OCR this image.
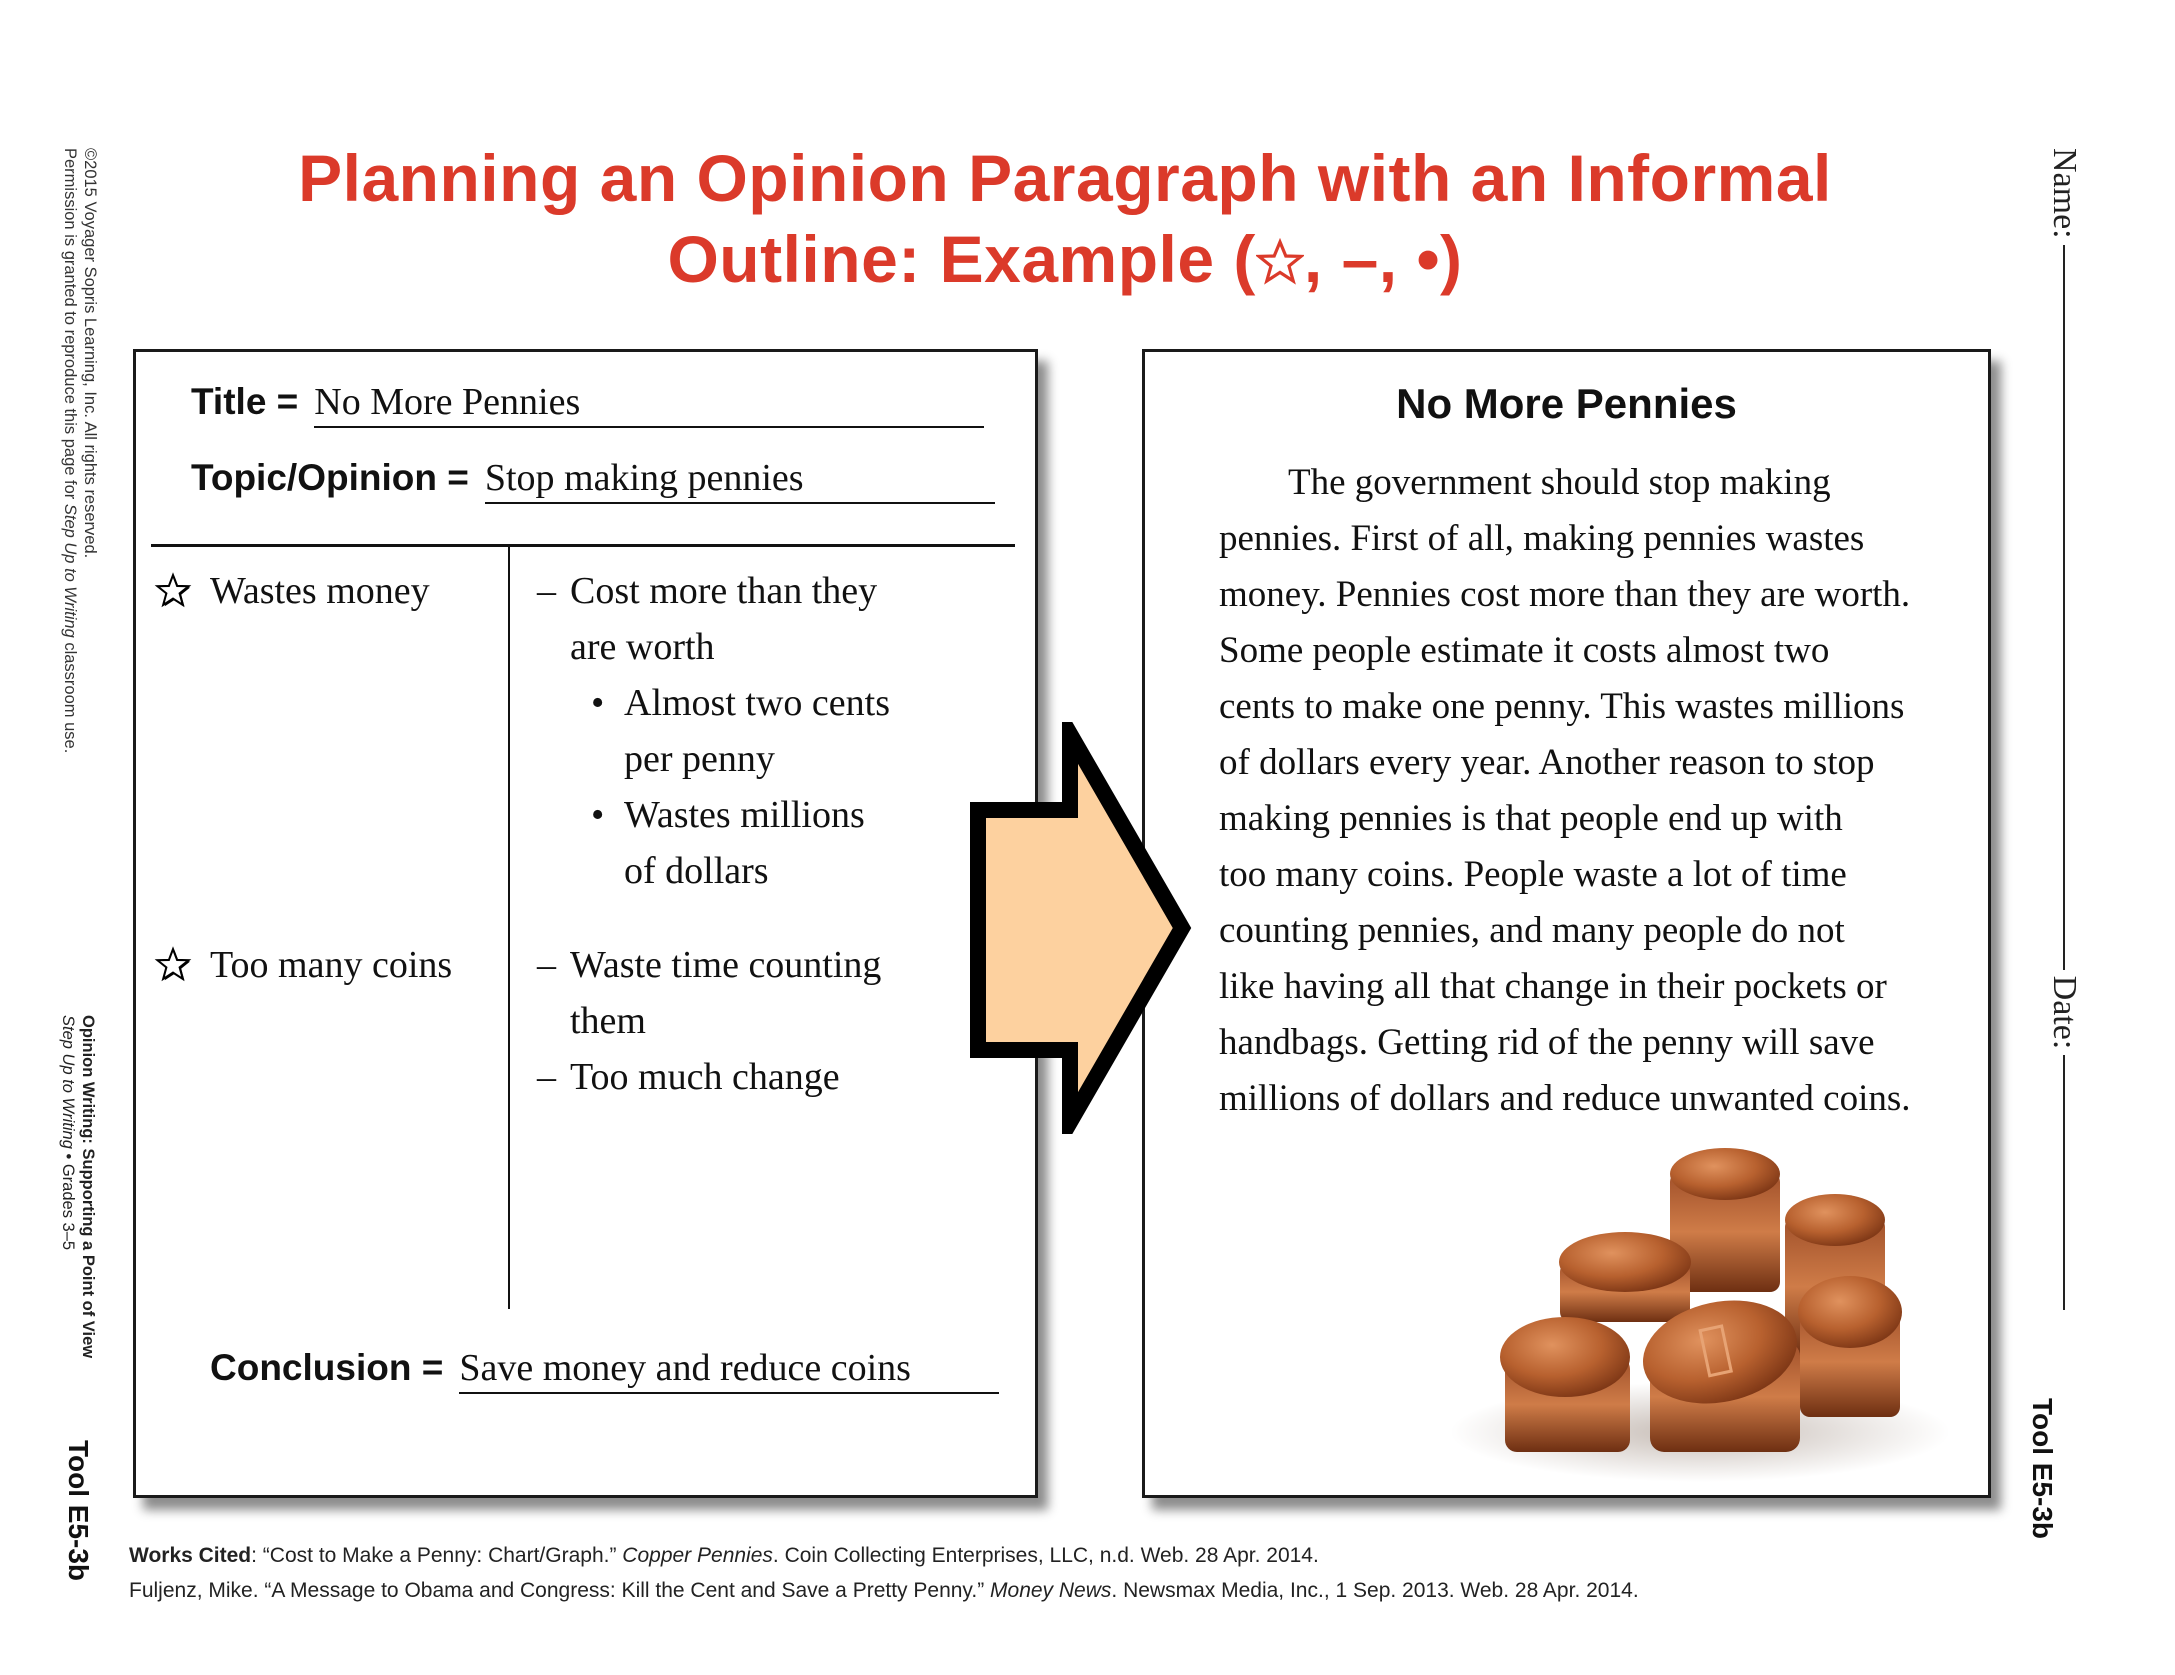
Planning an Opinion Paragraph with an Informal
Outline: Example ( , –, •)
©2015 Voyager Sopris Learning, Inc. All rights reserved.
Permission is granted to reproduce this page for Step Up to Writing classroom use.
Opinion Writing: Supporting a Point of View
Step Up to Writing • Grades 3–5
Tool E5-3b
Name:
Date:
Tool E5-3b
Title = No More Pennies
Topic/Opinion = Stop making pennies
Wastes money	– Cost more than they
are worth
• Almost two cents
per penny
• Wastes millions
of dollars
Too many coins – Waste time counting
them
– Too much change
Conclusion = Save money and reduce coins
No More Pennies
The government should stop making
pennies. First of all, making pennies wastes
money. Pennies cost more than they are worth.
Some people estimate it costs almost two
cents to make one penny. This wastes millions
of dollars every year. Another reason to stop
making pennies is that people end up with
too many coins. People waste a lot of time
counting pennies, and many people do not
like having all that change in their pockets or
handbags. Getting rid of the penny will save
millions of dollars and reduce unwanted coins.
Works Cited: “Cost to Make a Penny: Chart/Graph.” Copper Pennies. Coin Collecting Enterprises, LLC, n.d. Web. 28 Apr. 2014.
Fuljenz, Mike. “A Message to Obama and Congress: Kill the Cent and Save a Pretty Penny.” Money News. Newsmax Media, Inc., 1 Sep. 2013. Web. 28 Apr. 2014.
